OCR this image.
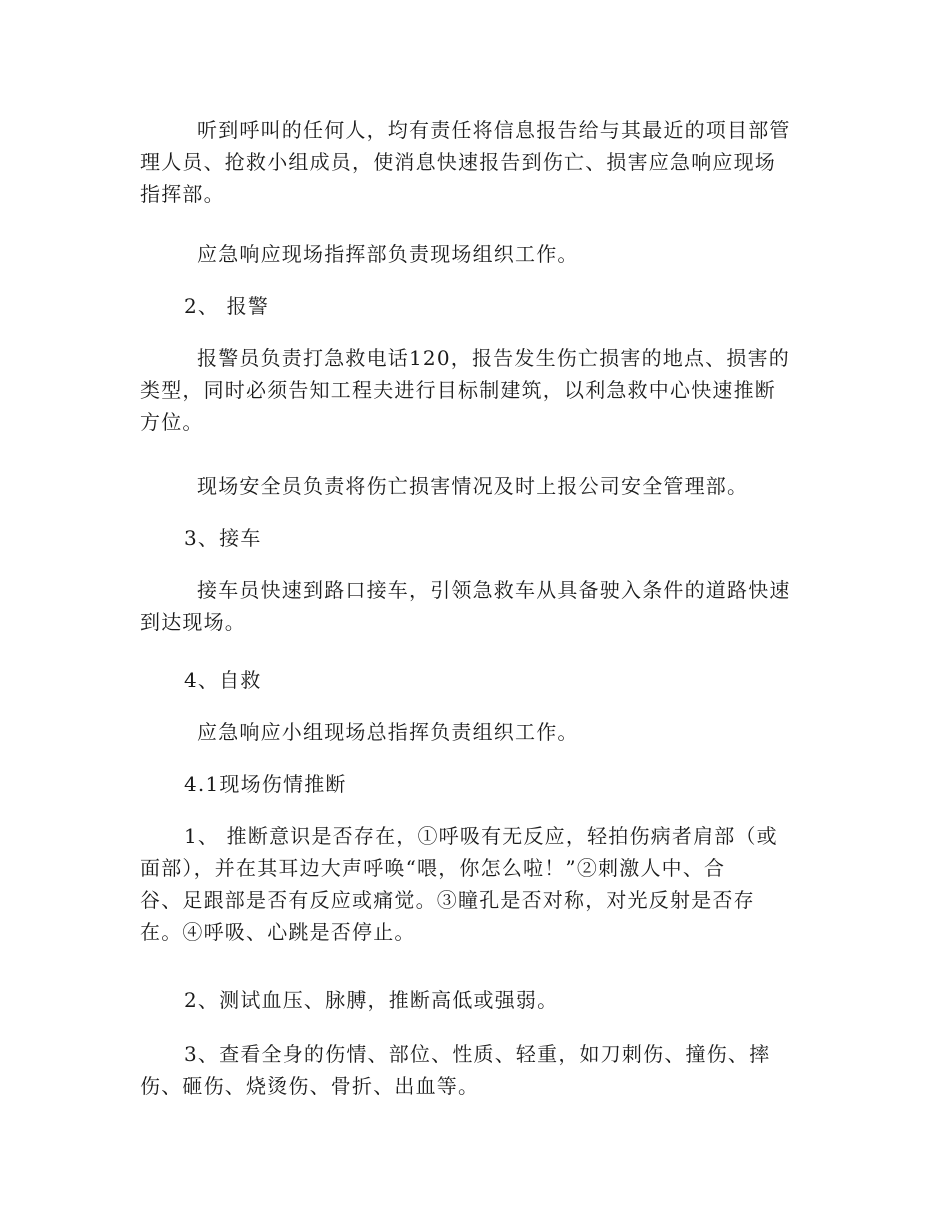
听到呼叫的任何人，均有责任将信息报告给与其最近的项目部管
理人员、抢救小组成员，使消息快速报告到伤亡、损害应急响应现场
指挥部。

应急响应现场指挥部负责现场组织工作。

2、 报警

报警员负责打急救电话120，报告发生伤亡损害的地点、损害的
类型，同时必须告知工程夫进行目标制建筑，以利急救中心快速推断
方位。

现场安全员负责将伤亡损害情况及时上报公司安全管理部。

3、接车

接车员快速到路口接车，引领急救车从具备驶入条件的道路快速
到达现场。

4、自救

应急响应小组现场总指挥负责组织工作。

4.1现场伤情推断

1、 推断意识是否存在，①呼吸有无反应，轻拍伤病者肩部（或
面部），并在其耳边大声呼唤“喂，你怎么啦！”②刺激人中、合
谷、足跟部是否有反应或痛觉。③瞳孔是否对称，对光反射是否存
在。④呼吸、心跳是否停止。

2、测试血压、脉膊，推断高低或强弱。

3、查看全身的伤情、部位、性质、轻重，如刀刺伤、撞伤、摔
伤、砸伤、烧烫伤、骨折、出血等。
